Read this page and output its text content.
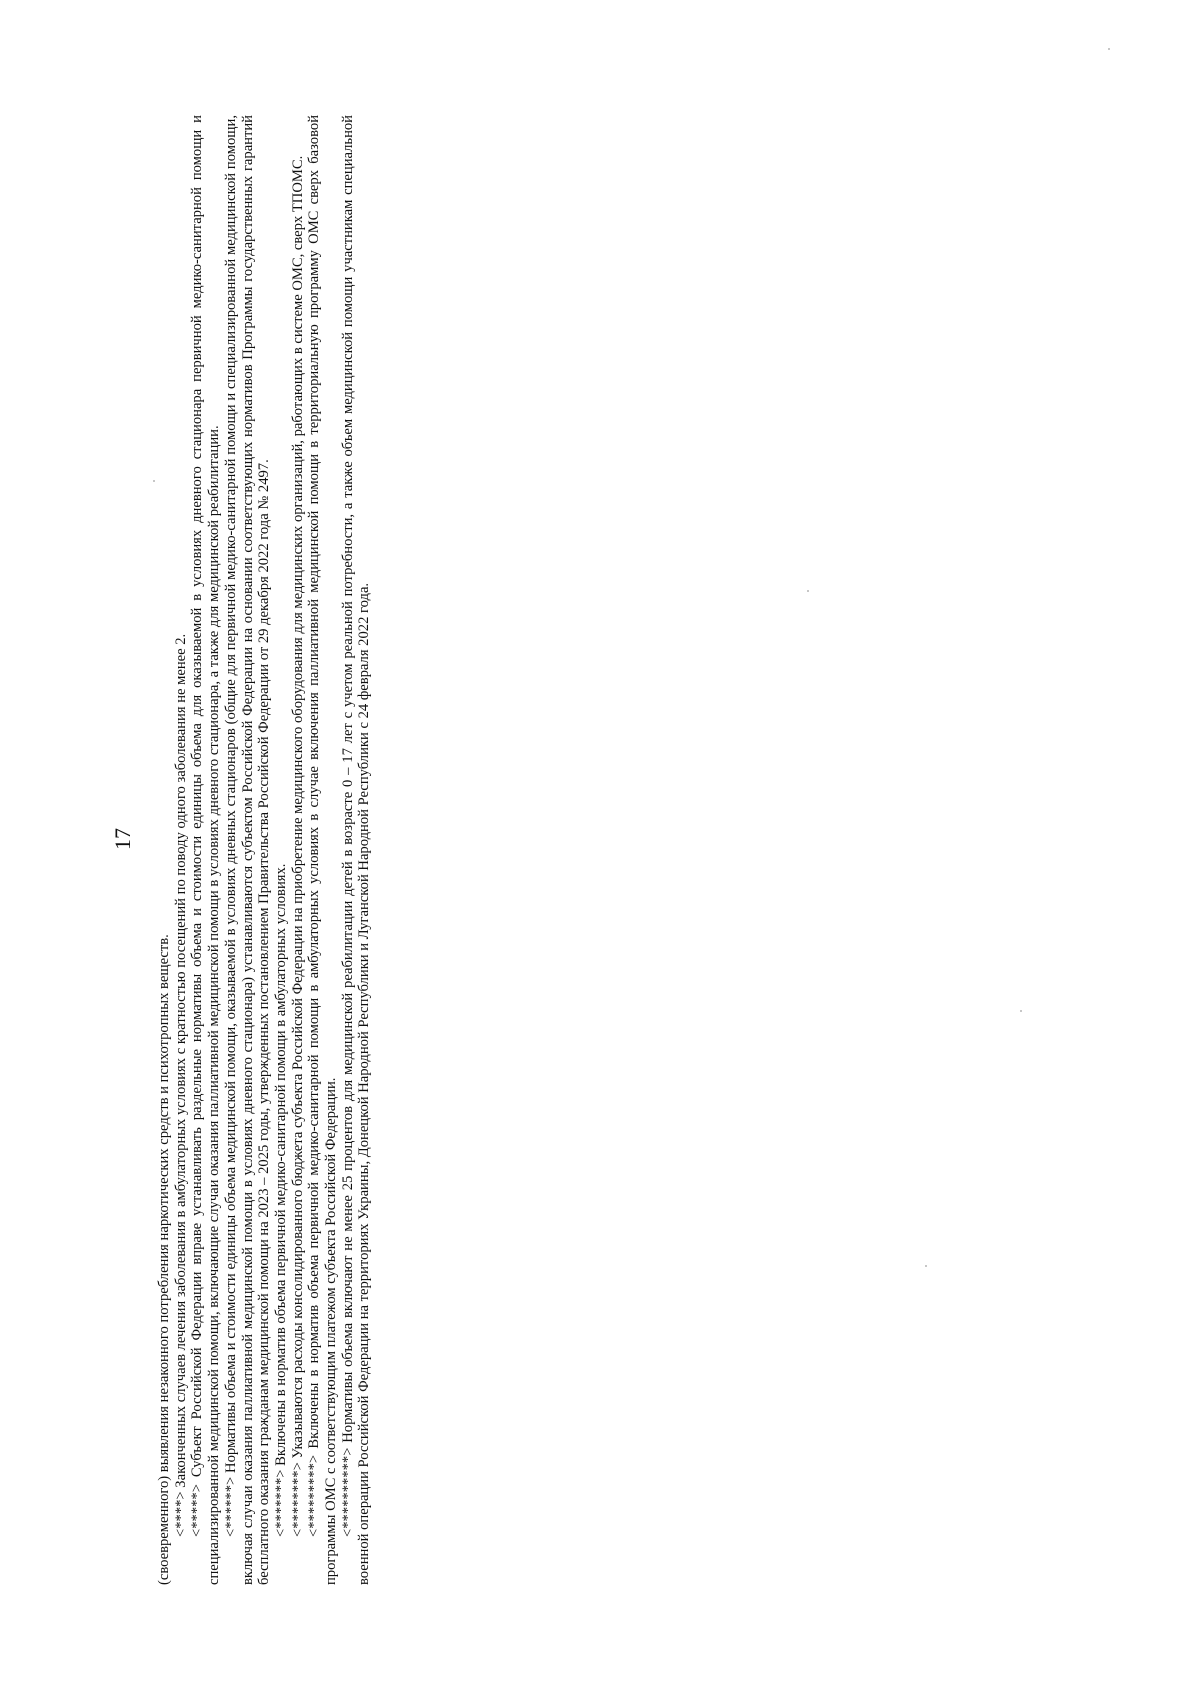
17

(своевременного) выявления незаконного потребления наркотических средств и психотропных веществ. <****> Законченных случаев лечения заболевания в амбулаторных условиях с кратностью посещений по поводу одного заболевания не менее 2. <*****> Субъект Российской Федерации вправе устанавливать раздельные нормативы объема и стоимости единицы объема для оказываемой в условиях дневного стационара первичной медико-санитарной помощи и специализированной медицинской помощи, включающие случаи оказания паллиативной медицинской помощи в условиях дневного стационара, а также для медицинской реабилитации. <******> Нормативы объема и стоимости единицы объема медицинской помощи, оказываемой в условиях дневных стационаров (общие для первичной медико-санитарной помощи и специализированной медицинской помощи, включая случаи оказания паллиативной медицинской помощи в условиях дневного стационара) устанавливаются субъектом Российской Федерации на основании соответствующих нормативов Программы государственных гарантий бесплатного оказания гражданам медицинской помощи на 2023 – 2025 годы, утвержденных постановлением Правительства Российской Федерации от 29 декабря 2022 года № 2497. <*******> Включены в норматив объема первичной медико-санитарной помощи в амбулаторных условиях. <********> Указываются расходы консолидированного бюджета субъекта Российской Федерации на приобретение медицинского оборудования для медицинских организаций, работающих в системе ОМС, сверх ТПОМС. <*********> Включены в норматив объема первичной медико-санитарной помощи в амбулаторных условиях в случае включения паллиативной медицинской помощи в территориальную программу ОМС сверх базовой программы ОМС с соответствующим платежом субъекта Российской Федерации. <**********> Нормативы объема включают не менее 25 процентов для медицинской реабилитации детей в возрасте 0 – 17 лет с учетом реальной потребности, а также объем медицинской помощи участникам специальной военной операции Российской Федерации на территориях Украины, Донецкой Народной Республики и Луганской Народной Республики с 24 февраля 2022 года.
